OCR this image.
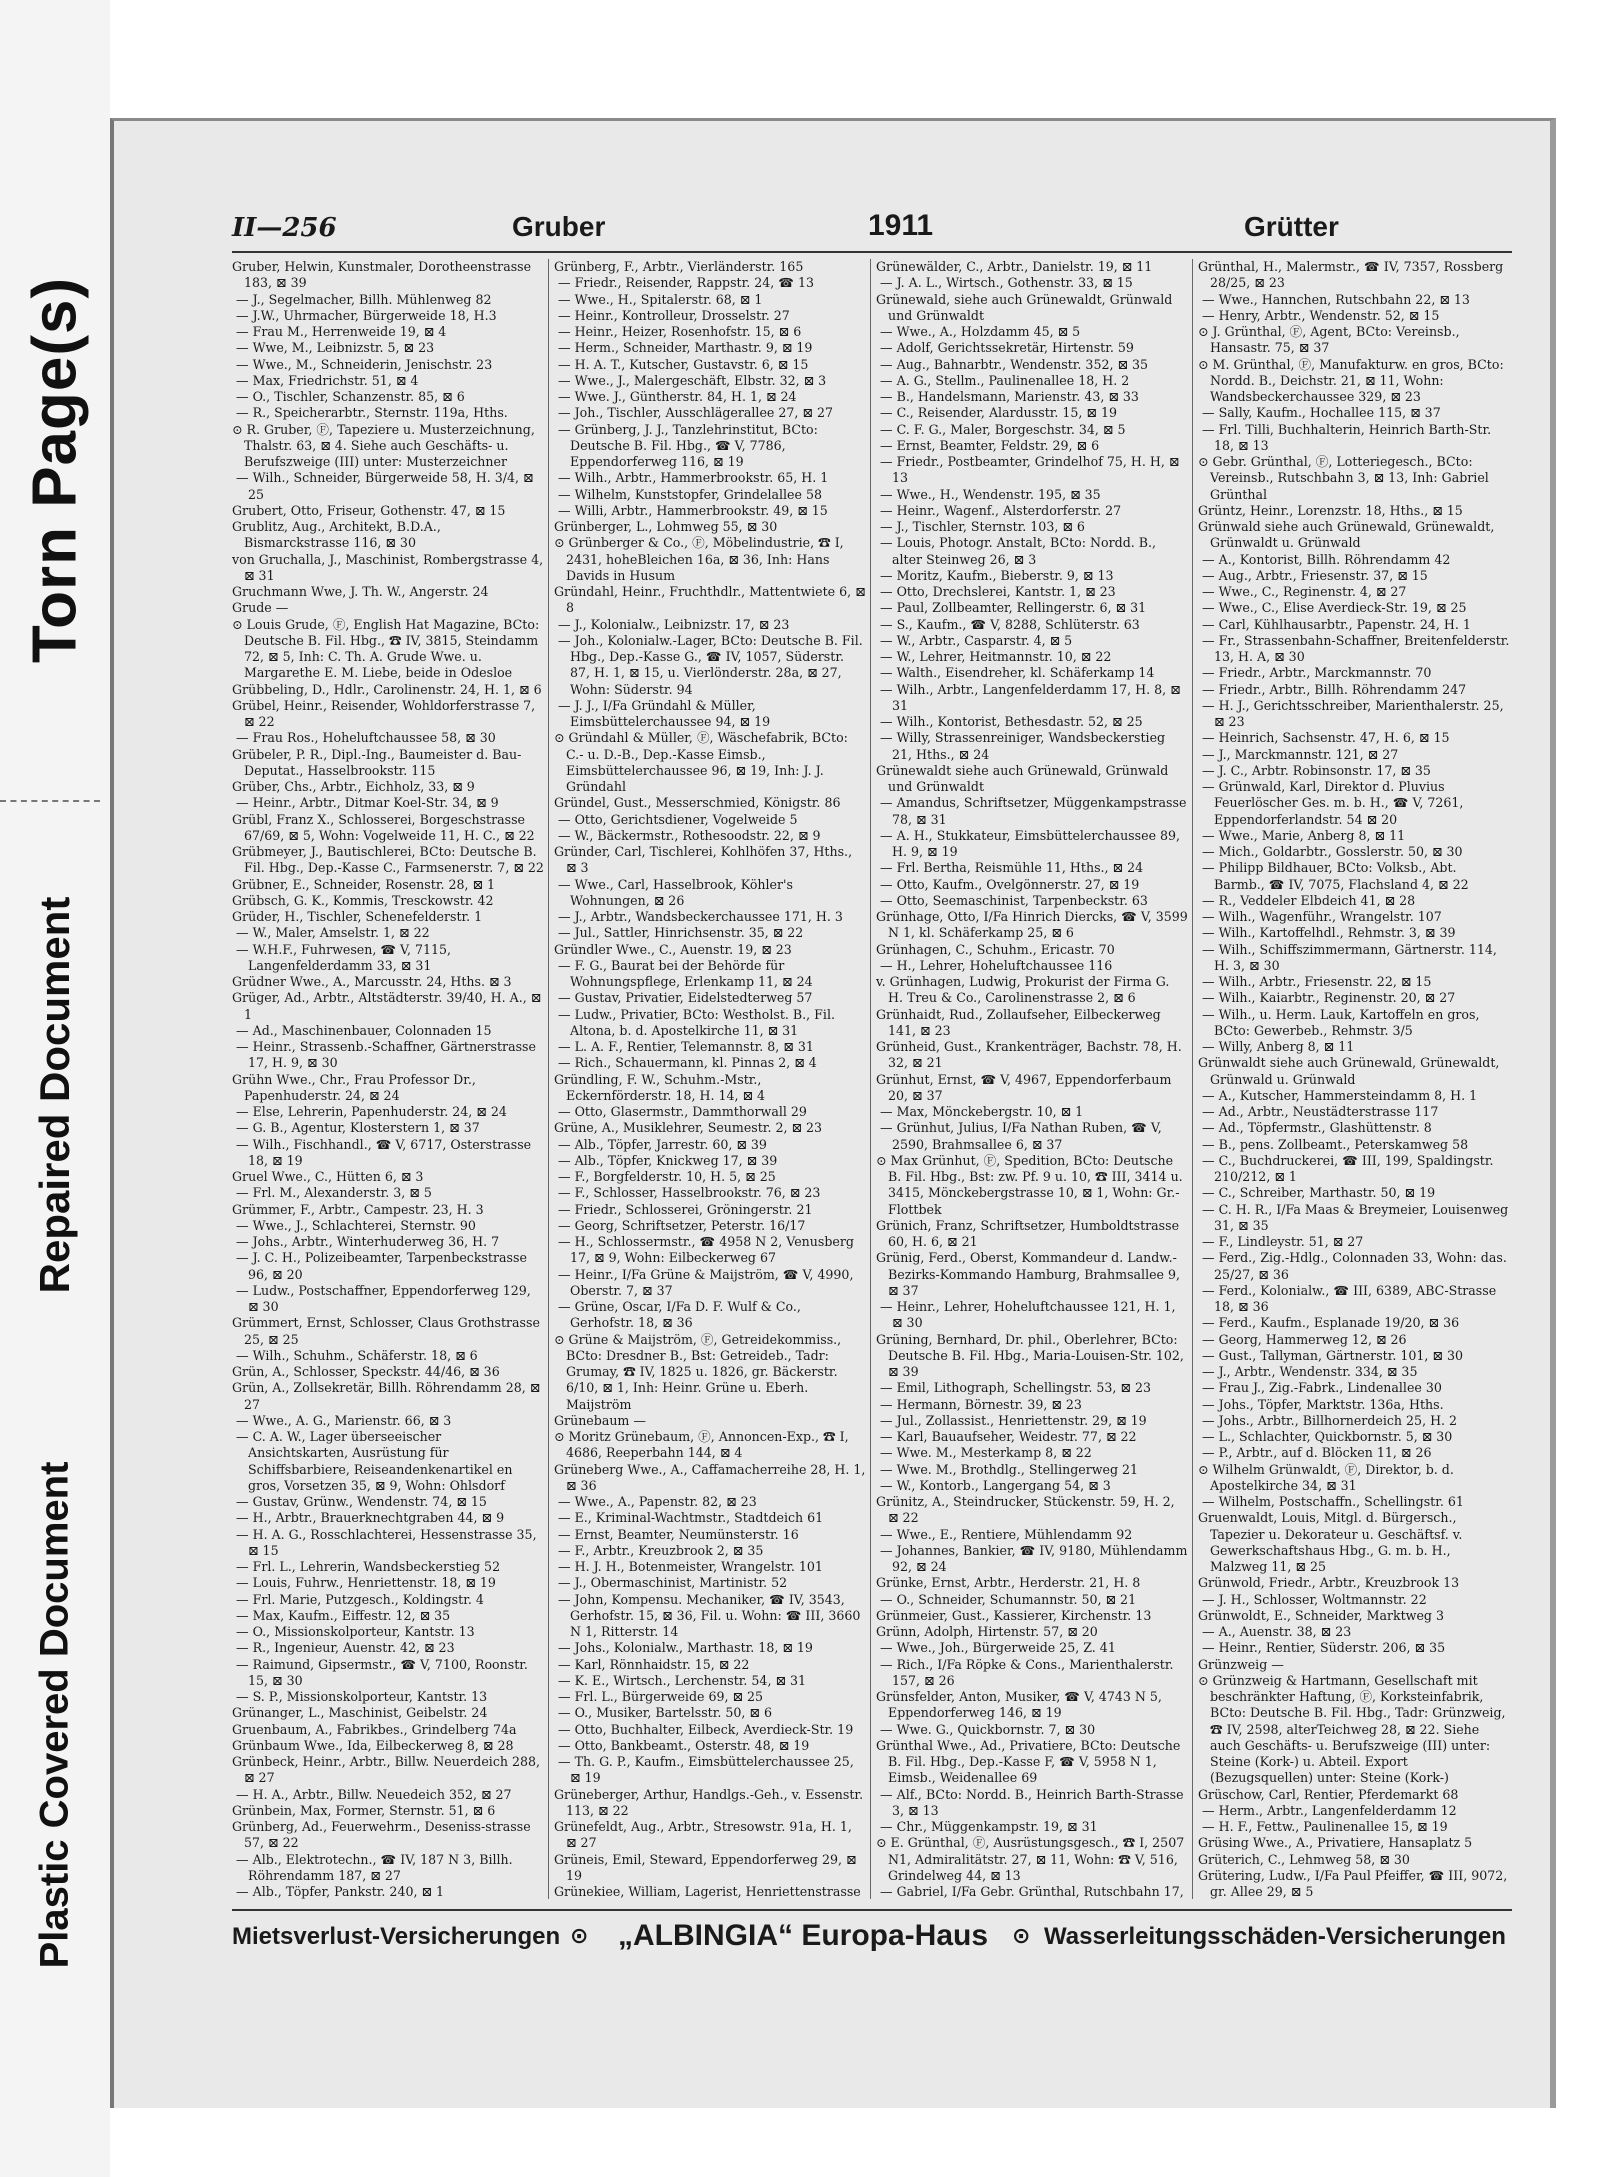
Torn Page(s)
Repaired Document
Plastic Covered Document
II—256	Gruber	1911	Grütter

Gruber, Helwin, Kunstmaler, Dorotheenstrasse 183, ⊠ 39

— J., Segelmacher, Billh. Mühlenweg 82

— J.W., Uhrmacher, Bürgerweide 18, H.3

— Frau M., Herrenweide 19, ⊠ 4

— Wwe, M., Leibnizstr. 5, ⊠ 23

— Wwe., M., Schneiderin, Jenischstr. 23

— Max, Friedrichstr. 51, ⊠ 4

— O., Tischler, Schanzenstr. 85, ⊠ 6

— R., Speicherarbtr., Sternstr. 119a, Hths.

⊙ R. Gruber, Ⓕ, Tapeziere u. Musterzeichnung, Thalstr. 63, ⊠ 4. Siehe auch Geschäfts- u. Berufszweige (III) unter: Musterzeichner

— Wilh., Schneider, Bürgerweide 58, H. 3/4, ⊠ 25

Grubert, Otto, Friseur, Gothenstr. 47, ⊠ 15

Grublitz, Aug., Architekt, B.D.A., Bismarckstrasse 116, ⊠ 30

von Gruchalla, J., Maschinist, Rombergstrasse 4, ⊠ 31

Gruchmann Wwe, J. Th. W., Angerstr. 24

Grude —

⊙ Louis Grude, Ⓕ, English Hat Magazine, BCto: Deutsche B. Fil. Hbg., ☎ IV, 3815, Steindamm 72, ⊠ 5, Inh: C. Th. A. Grude Wwe. u. Margarethe E. M. Liebe, beide in Odesloe

Grübbeling, D., Hdlr., Carolinenstr. 24, H. 1, ⊠ 6

Grübel, Heinr., Reisender, Wohldorferstrasse 7, ⊠ 22

— Frau Ros., Hoheluftchaussee 58, ⊠ 30

Grübeler, P. R., Dipl.-Ing., Baumeister d. Bau-Deputat., Hasselbrookstr. 115

Grüber, Chs., Arbtr., Eichholz, 33, ⊠ 9

— Heinr., Arbtr., Ditmar Koel-Str. 34, ⊠ 9

Grübl, Franz X., Schlosserei, Borgeschstrasse 67/69, ⊠ 5, Wohn: Vogelweide 11, H. C., ⊠ 22

Grübmeyer, J., Bautischlerei, BCto: Deutsche B. Fil. Hbg., Dep.-Kasse C., Farmsenerstr. 7, ⊠ 22

Grübner, E., Schneider, Rosenstr. 28, ⊠ 1

Grübsch, G. K., Kommis, Tresckowstr. 42

Grüder, H., Tischler, Schenefelderstr. 1

— W., Maler, Amselstr. 1, ⊠ 22

— W.H.F., Fuhrwesen, ☎ V, 7115, Langenfelderdamm 33, ⊠ 31

Grüdner Wwe., A., Marcusstr. 24, Hths. ⊠ 3

Grüger, Ad., Arbtr., Altstädterstr. 39/40, H. A., ⊠ 1

— Ad., Maschinenbauer, Colonnaden 15

— Heinr., Strassenb.-Schaffner, Gärtnerstrasse 17, H. 9, ⊠ 30

Grühn Wwe., Chr., Frau Professor Dr., Papenhuderstr. 24, ⊠ 24

— Else, Lehrerin, Papenhuderstr. 24, ⊠ 24

— G. B., Agentur, Klosterstern 1, ⊠ 37

— Wilh., Fischhandl., ☎ V, 6717, Osterstrasse 18, ⊠ 19

Gruel Wwe., C., Hütten 6, ⊠ 3

— Frl. M., Alexanderstr. 3, ⊠ 5

Grümmer, F., Arbtr., Campestr. 23, H. 3

— Wwe., J., Schlachterei, Sternstr. 90

— Johs., Arbtr., Winterhuderweg 36, H. 7

— J. C. H., Polizeibeamter, Tarpenbeckstrasse 96, ⊠ 20

— Ludw., Postschaffner, Eppendorferweg 129, ⊠ 30

Grümmert, Ernst, Schlosser, Claus Grothstrasse 25, ⊠ 25

— Wilh., Schuhm., Schäferstr. 18, ⊠ 6

Grün, A., Schlosser, Speckstr. 44/46, ⊠ 36

Grün, A., Zollsekretär, Billh. Röhrendamm 28, ⊠ 27

— Wwe., A. G., Marienstr. 66, ⊠ 3

— C. A. W., Lager überseeischer Ansichtskarten, Ausrüstung für Schiffsbarbiere, Reiseandenkenartikel en gros, Vorsetzen 35, ⊠ 9, Wohn: Ohlsdorf

— Gustav, Grünw., Wendenstr. 74, ⊠ 15

— H., Arbtr., Brauerknechtgraben 44, ⊠ 9

— H. A. G., Rosschlachterei, Hessenstrasse 35, ⊠ 15

— Frl. L., Lehrerin, Wandsbeckerstieg 52

— Louis, Fuhrw., Henriettenstr. 18, ⊠ 19

— Frl. Marie, Putzgesch., Koldingstr. 4

— Max, Kaufm., Eiffestr. 12, ⊠ 35

— O., Missionskolporteur, Kantstr. 13

— R., Ingenieur, Auenstr. 42, ⊠ 23

— Raimund, Gipsermstr., ☎ V, 7100, Roonstr. 15, ⊠ 30

— S. P., Missionskolporteur, Kantstr. 13

Grünanger, L., Maschinist, Geibelstr. 24

Gruenbaum, A., Fabrikbes., Grindelberg 74a

Grünbaum Wwe., Ida, Eilbeckerweg 8, ⊠ 28

Grünbeck, Heinr., Arbtr., Billw. Neuerdeich 288, ⊠ 27

— H. A., Arbtr., Billw. Neuedeich 352, ⊠ 27

Grünbein, Max, Former, Sternstr. 51, ⊠ 6

Grünberg, Ad., Feuerwehrm., Deseniss-strasse 57, ⊠ 22

— Alb., Elektrotechn., ☎ IV, 187 N 3, Billh. Röhrendamm 187, ⊠ 27

— Alb., Töpfer, Pankstr. 240, ⊠ 1

Grünberg, F., Arbtr., Vierländerstr. 165

— Friedr., Reisender, Rappstr. 24, ☎ 13

— Wwe., H., Spitalerstr. 68, ⊠ 1

— Heinr., Kontrolleur, Drosselstr. 27

— Heinr., Heizer, Rosenhofstr. 15, ⊠ 6

— Herm., Schneider, Marthastr. 9, ⊠ 19

— H. A. T., Kutscher, Gustavstr. 6, ⊠ 15

— Wwe., J., Malergeschäft, Elbstr. 32, ⊠ 3

— Wwe. J., Güntherstr. 84, H. 1, ⊠ 24

— Joh., Tischler, Ausschlägerallee 27, ⊠ 27

— Grünberg, J. J., Tanzlehrinstitut, BCto: Deutsche B. Fil. Hbg., ☎ V, 7786, Eppendorferweg 116, ⊠ 19

— Wilh., Arbtr., Hammerbrookstr. 65, H. 1

— Wilhelm, Kunststopfer, Grindelallee 58

— Willi, Arbtr., Hammerbrookstr. 49, ⊠ 15

Grünberger, L., Lohmweg 55, ⊠ 30

⊙ Grünberger & Co., Ⓕ, Möbelindustrie, ☎ I, 2431, hoheBleichen 16a, ⊠ 36, Inh: Hans Davids in Husum

Gründahl, Heinr., Fruchthdlr., Mattentwiete 6, ⊠ 8

— J., Kolonialw., Leibnizstr. 17, ⊠ 23

— Joh., Kolonialw.-Lager, BCto: Deutsche B. Fil. Hbg., Dep.-Kasse G., ☎ IV, 1057, Süderstr. 87, H. 1, ⊠ 15, u. Vierlönderstr. 28a, ⊠ 27, Wohn: Süderstr. 94

— J. J., I/Fa Gründahl & Müller, Eimsbüttelerchaussee 94, ⊠ 19

⊙ Gründahl & Müller, Ⓕ, Wäschefabrik, BCto: C.- u. D.-B., Dep.-Kasse Eimsb., Eimsbüttelerchaussee 96, ⊠ 19, Inh: J. J. Gründahl

Gründel, Gust., Messerschmied, Königstr. 86

— Otto, Gerichtsdiener, Vogelweide 5

— W., Bäckermstr., Rothesoodstr. 22, ⊠ 9

Gründer, Carl, Tischlerei, Kohlhöfen 37, Hths., ⊠ 3

— Wwe., Carl, Hasselbrook, Köhler's Wohnungen, ⊠ 26

— J., Arbtr., Wandsbeckerchaussee 171, H. 3

— Jul., Sattler, Hinrichsenstr. 35, ⊠ 22

Gründler Wwe., C., Auenstr. 19, ⊠ 23

— F. G., Baurat bei der Behörde für Wohnungspflege, Erlenkamp 11, ⊠ 24

— Gustav, Privatier, Eidelstedterweg 57

— Ludw., Privatier, BCto: Westholst. B., Fil. Altona, b. d. Apostelkirche 11, ⊠ 31

— L. A. F., Rentier, Telemannstr. 8, ⊠ 31

— Rich., Schauermann, kl. Pinnas 2, ⊠ 4

Gründling, F. W., Schuhm.-Mstr., Eckernförderstr. 18, H. 14, ⊠ 4

— Otto, Glasermstr., Dammthorwall 29

Grüne, A., Musiklehrer, Seumestr. 2, ⊠ 23

— Alb., Töpfer, Jarrestr. 60, ⊠ 39

— Alb., Töpfer, Knickweg 17, ⊠ 39

— F., Borgfelderstr. 10, H. 5, ⊠ 25

— F., Schlosser, Hasselbrookstr. 76, ⊠ 23

— Friedr., Schlosserei, Gröningerstr. 21

— Georg, Schriftsetzer, Peterstr. 16/17

— H., Schlossermstr., ☎ 4958 N 2, Venusberg 17, ⊠ 9, Wohn: Eilbeckerweg 67

— Heinr., I/Fa Grüne & Maijström, ☎ V, 4990, Oberstr. 7, ⊠ 37

— Grüne, Oscar, I/Fa D. F. Wulf & Co., Gerhofstr. 18, ⊠ 36

⊙ Grüne & Maijström, Ⓕ, Getreidekommiss., BCto: Dresdner B., Bst: Getreideb., Tadr: Grumay, ☎ IV, 1825 u. 1826, gr. Bäckerstr. 6/10, ⊠ 1, Inh: Heinr. Grüne u. Eberh. Maijström

Grünebaum —

⊙ Moritz Grünebaum, Ⓕ, Annoncen-Exp., ☎ I, 4686, Reeperbahn 144, ⊠ 4

Grüneberg Wwe., A., Caffamacherreihe 28, H. 1, ⊠ 36

— Wwe., A., Papenstr. 82, ⊠ 23

— E., Kriminal-Wachtmstr., Stadtdeich 61

— Ernst, Beamter, Neumünsterstr. 16

— F., Arbtr., Kreuzbrook 2, ⊠ 35

— H. J. H., Botenmeister, Wrangelstr. 101

— J., Obermaschinist, Martinistr. 52

— John, Kompensu. Mechaniker, ☎ IV, 3543, Gerhofstr. 15, ⊠ 36, Fil. u. Wohn: ☎ III, 3660 N 1, Ritterstr. 14

— Johs., Kolonialw., Marthastr. 18, ⊠ 19

— Karl, Rönnhaidstr. 15, ⊠ 22

— K. E., Wirtsch., Lerchenstr. 54, ⊠ 31

— Frl. L., Bürgerweide 69, ⊠ 25

— O., Musiker, Bartelsstr. 50, ⊠ 6

— Otto, Buchhalter, Eilbeck, Averdieck-Str. 19

— Otto, Bankbeamt., Osterstr. 48, ⊠ 19

— Th. G. P., Kaufm., Eimsbüttelerchaussee 25, ⊠ 19

Grüneberger, Arthur, Handlgs.-Geh., v. Essenstr. 113, ⊠ 22

Grünefeldt, Aug., Arbtr., Stresowstr. 91a, H. 1, ⊠ 27

Grüneis, Emil, Steward, Eppendorferweg 29, ⊠ 19

Grünekiee, William, Lagerist, Henriettenstrasse

Grünewälder, C., Arbtr., Danielstr. 19, ⊠ 11

— J. A. L., Wirtsch., Gothenstr. 33, ⊠ 15

Grünewald, siehe auch Grünewaldt, Grünwald und Grünwaldt

— Wwe., A., Holzdamm 45, ⊠ 5

— Adolf, Gerichtssekretär, Hirtenstr. 59

— Aug., Bahnarbtr., Wendenstr. 352, ⊠ 35

— A. G., Stellm., Paulinenallee 18, H. 2

— B., Handelsmann, Marienstr. 43, ⊠ 33

— C., Reisender, Alardusstr. 15, ⊠ 19

— C. F. G., Maler, Borgeschstr. 34, ⊠ 5

— Ernst, Beamter, Feldstr. 29, ⊠ 6

— Friedr., Postbeamter, Grindelhof 75, H. H, ⊠ 13

— Wwe., H., Wendenstr. 195, ⊠ 35

— Heinr., Wagenf., Alsterdorferstr. 27

— J., Tischler, Sternstr. 103, ⊠ 6

— Louis, Photogr. Anstalt, BCto: Nordd. B., alter Steinweg 26, ⊠ 3

— Moritz, Kaufm., Bieberstr. 9, ⊠ 13

— Otto, Drechslerei, Kantstr. 1, ⊠ 23

— Paul, Zollbeamter, Rellingerstr. 6, ⊠ 31

— S., Kaufm., ☎ V, 8288, Schlüterstr. 63

— W., Arbtr., Casparstr. 4, ⊠ 5

— W., Lehrer, Heitmannstr. 10, ⊠ 22

— Walth., Eisendreher, kl. Schäferkamp 14

— Wilh., Arbtr., Langenfelderdamm 17, H. 8, ⊠ 31

— Wilh., Kontorist, Bethesdastr. 52, ⊠ 25

— Willy, Strassenreiniger, Wandsbeckerstieg 21, Hths., ⊠ 24

Grünewaldt siehe auch Grünewald, Grünwald und Grünwaldt

— Amandus, Schriftsetzer, Müggenkampstrasse 78, ⊠ 31

— A. H., Stukkateur, Eimsbüttelerchaussee 89, H. 9, ⊠ 19

— Frl. Bertha, Reismühle 11, Hths., ⊠ 24

— Otto, Kaufm., Ovelgönnerstr. 27, ⊠ 19

— Otto, Seemaschinist, Tarpenbeckstr. 63

Grünhage, Otto, I/Fa Hinrich Diercks, ☎ V, 3599 N 1, kl. Schäferkamp 25, ⊠ 6

Grünhagen, C., Schuhm., Ericastr. 70

— H., Lehrer, Hoheluftchaussee 116

v. Grünhagen, Ludwig, Prokurist der Firma G. H. Treu & Co., Carolinenstrasse 2, ⊠ 6

Grünhaidt, Rud., Zollaufseher, Eilbeckerweg 141, ⊠ 23

Grünheid, Gust., Krankenträger, Bachstr. 78, H. 32, ⊠ 21

Grünhut, Ernst, ☎ V, 4967, Eppendorferbaum 20, ⊠ 37

— Max, Mönckebergstr. 10, ⊠ 1

— Grünhut, Julius, I/Fa Nathan Ruben, ☎ V, 2590, Brahmsallee 6, ⊠ 37

⊙ Max Grünhut, Ⓕ, Spedition, BCto: Deutsche B. Fil. Hbg., Bst: zw. Pf. 9 u. 10, ☎ III, 3414 u. 3415, Mönckebergstrasse 10, ⊠ 1, Wohn: Gr.-Flottbek

Grünich, Franz, Schriftsetzer, Humboldtstrasse 60, H. 6, ⊠ 21

Grünig, Ferd., Oberst, Kommandeur d. Landw.-Bezirks-Kommando Hamburg, Brahmsallee 9, ⊠ 37

— Heinr., Lehrer, Hoheluftchaussee 121, H. 1, ⊠ 30

Grüning, Bernhard, Dr. phil., Oberlehrer, BCto: Deutsche B. Fil. Hbg., Maria-Louisen-Str. 102, ⊠ 39

— Emil, Lithograph, Schellingstr. 53, ⊠ 23

— Hermann, Börnestr. 39, ⊠ 23

— Jul., Zollassist., Henriettenstr. 29, ⊠ 19

— Karl, Bauaufseher, Weidestr. 77, ⊠ 22

— Wwe. M., Mesterkamp 8, ⊠ 22

— Wwe. M., Brothdlg., Stellingerweg 21

— W., Kontorb., Langergang 54, ⊠ 3

Grünitz, A., Steindrucker, Stückenstr. 59, H. 2, ⊠ 22

— Wwe., E., Rentiere, Mühlendamm 92

— Johannes, Bankier, ☎ IV, 9180, Mühlendamm 92, ⊠ 24

Grünke, Ernst, Arbtr., Herderstr. 21, H. 8

— O., Schneider, Schumannstr. 50, ⊠ 21

Grünmeier, Gust., Kassierer, Kirchenstr. 13

Grünn, Adolph, Hirtenstr. 57, ⊠ 20

— Wwe., Joh., Bürgerweide 25, Z. 41

— Rich., I/Fa Röpke & Cons., Marienthalerstr. 157, ⊠ 26

Grünsfelder, Anton, Musiker, ☎ V, 4743 N 5, Eppendorferweg 146, ⊠ 19

— Wwe. G., Quickbornstr. 7, ⊠ 30

Grünthal Wwe., Ad., Privatiere, BCto: Deutsche B. Fil. Hbg., Dep.-Kasse F, ☎ V, 5958 N 1, Eimsb., Weidenallee 69

— Alf., BCto: Nordd. B., Heinrich Barth-Strasse 3, ⊠ 13

— Chr., Müggenkampstr. 19, ⊠ 31

⊙ E. Grünthal, Ⓕ, Ausrüstungsgesch., ☎ I, 2507 N1, Admiralitätstr. 27, ⊠ 11, Wohn: ☎ V, 516, Grindelweg 44, ⊠ 13

— Gabriel, I/Fa Gebr. Grünthal, Rutschbahn 17,

Grünthal, H., Malermstr., ☎ IV, 7357, Rossberg 28/25, ⊠ 23

— Wwe., Hannchen, Rutschbahn 22, ⊠ 13

— Henry, Arbtr., Wendenstr. 52, ⊠ 15

⊙ J. Grünthal, Ⓕ, Agent, BCto: Vereinsb., Hansastr. 75, ⊠ 37

⊙ M. Grünthal, Ⓕ, Manufakturw. en gros, BCto: Nordd. B., Deichstr. 21, ⊠ 11, Wohn: Wandsbeckerchaussee 329, ⊠ 23

— Sally, Kaufm., Hochallee 115, ⊠ 37

— Frl. Tilli, Buchhalterin, Heinrich Barth-Str. 18, ⊠ 13

⊙ Gebr. Grünthal, Ⓕ, Lotteriegesch., BCto: Vereinsb., Rutschbahn 3, ⊠ 13, Inh: Gabriel Grünthal

Grüntz, Heinr., Lorenzstr. 18, Hths., ⊠ 15

Grünwald siehe auch Grünewald, Grünewaldt, Grünwaldt u. Grünwald

— A., Kontorist, Billh. Röhrendamm 42

— Aug., Arbtr., Friesenstr. 37, ⊠ 15

— Wwe., C., Reginenstr. 4, ⊠ 27

— Wwe., C., Elise Averdieck-Str. 19, ⊠ 25

— Carl, Kühlhausarbtr., Papenstr. 24, H. 1

— Fr., Strassenbahn-Schaffner, Breitenfelderstr. 13, H. A, ⊠ 30

— Friedr., Arbtr., Marckmannstr. 70

— Friedr., Arbtr., Billh. Röhrendamm 247

— H. J., Gerichtsschreiber, Marienthalerstr. 25, ⊠ 23

— Heinrich, Sachsenstr. 47, H. 6, ⊠ 15

— J., Marckmannstr. 121, ⊠ 27

— J. C., Arbtr. Robinsonstr. 17, ⊠ 35

— Grünwald, Karl, Direktor d. Pluvius Feuerlöscher Ges. m. b. H., ☎ V, 7261, Eppendorferlandstr. 54 ⊠ 20

— Wwe., Marie, Anberg 8, ⊠ 11

— Mich., Goldarbtr., Gosslerstr. 50, ⊠ 30

— Philipp Bildhauer, BCto: Volksb., Abt. Barmb., ☎ IV, 7075, Flachsland 4, ⊠ 22

— R., Veddeler Elbdeich 41, ⊠ 28

— Wilh., Wagenführ., Wrangelstr. 107

— Wilh., Kartoffelhdl., Rehmstr. 3, ⊠ 39

— Wilh., Schiffszimmermann, Gärtnerstr. 114, H. 3, ⊠ 30

— Wilh., Arbtr., Friesenstr. 22, ⊠ 15

— Wilh., Kaiarbtr., Reginenstr. 20, ⊠ 27

— Wilh., u. Herm. Lauk, Kartoffeln en gros, BCto: Gewerbeb., Rehmstr. 3/5

— Willy, Anberg 8, ⊠ 11

Grünwaldt siehe auch Grünewald, Grünewaldt, Grünwald u. Grünwald

— A., Kutscher, Hammersteindamm 8, H. 1

— Ad., Arbtr., Neustädterstrasse 117

— Ad., Töpfermstr., Glashüttenstr. 8

— B., pens. Zollbeamt., Peterskamweg 58

— C., Buchdruckerei, ☎ III, 199, Spaldingstr. 210/212, ⊠ 1

— C., Schreiber, Marthastr. 50, ⊠ 19

— C. H. R., I/Fa Maas & Breymeier, Louisenweg 31, ⊠ 35

— F., Lindleystr. 51, ⊠ 27

— Ferd., Zig.-Hdlg., Colonnaden 33, Wohn: das. 25/27, ⊠ 36

— Ferd., Kolonialw., ☎ III, 6389, ABC-Strasse 18, ⊠ 36

— Ferd., Kaufm., Esplanade 19/20, ⊠ 36

— Georg, Hammerweg 12, ⊠ 26

— Gust., Tallyman, Gärtnerstr. 101, ⊠ 30

— J., Arbtr., Wendenstr. 334, ⊠ 35

— Frau J., Zig.-Fabrk., Lindenallee 30

— Johs., Töpfer, Marktstr. 136a, Hths.

— Johs., Arbtr., Billhornerdeich 25, H. 2

— L., Schlachter, Quickbornstr. 5, ⊠ 30

— P., Arbtr., auf d. Blöcken 11, ⊠ 26

⊙ Wilhelm Grünwaldt, Ⓕ, Direktor, b. d. Apostelkirche 34, ⊠ 31

— Wilhelm, Postschaffn., Schellingstr. 61

Gruenwaldt, Louis, Mitgl. d. Bürgersch., Tapezier u. Dekorateur u. Geschäftsf. v. Gewerkschaftshaus Hbg., G. m. b. H., Malzweg 11, ⊠ 25

Grünwold, Friedr., Arbtr., Kreuzbrook 13

— J. H., Schlosser, Woltmannstr. 22

Grünwoldt, E., Schneider, Marktweg 3

— A., Auenstr. 38, ⊠ 23

— Heinr., Rentier, Süderstr. 206, ⊠ 35

Grünzweig —

⊙ Grünzweig & Hartmann, Gesellschaft mit beschränkter Haftung, Ⓕ, Korksteinfabrik, BCto: Deutsche B. Fil. Hbg., Tadr: Grünzweig, ☎ IV, 2598, alterTeichweg 28, ⊠ 22. Siehe auch Geschäfts- u. Berufszweige (III) unter: Steine (Kork-) u. Abteil. Export (Bezugsquellen) unter: Steine (Kork-)

Grüschow, Carl, Rentier, Pferdemarkt 68

— Herm., Arbtr., Langenfelderdamm 12

— H. F., Fettw., Paulinenallee 15, ⊠ 19

Grüsing Wwe., A., Privatiere, Hansaplatz 5

Grüterich, C., Lehmweg 58, ⊠ 30

Grütering, Ludw., I/Fa Paul Pfeiffer, ☎ III, 9072, gr. Allee 29, ⊠ 5

Mietsverlust-Versicherungen ⊙ „ALBINGIA“ Europa-Haus ⊙ Wasserleitungsschäden-Versicherungen
